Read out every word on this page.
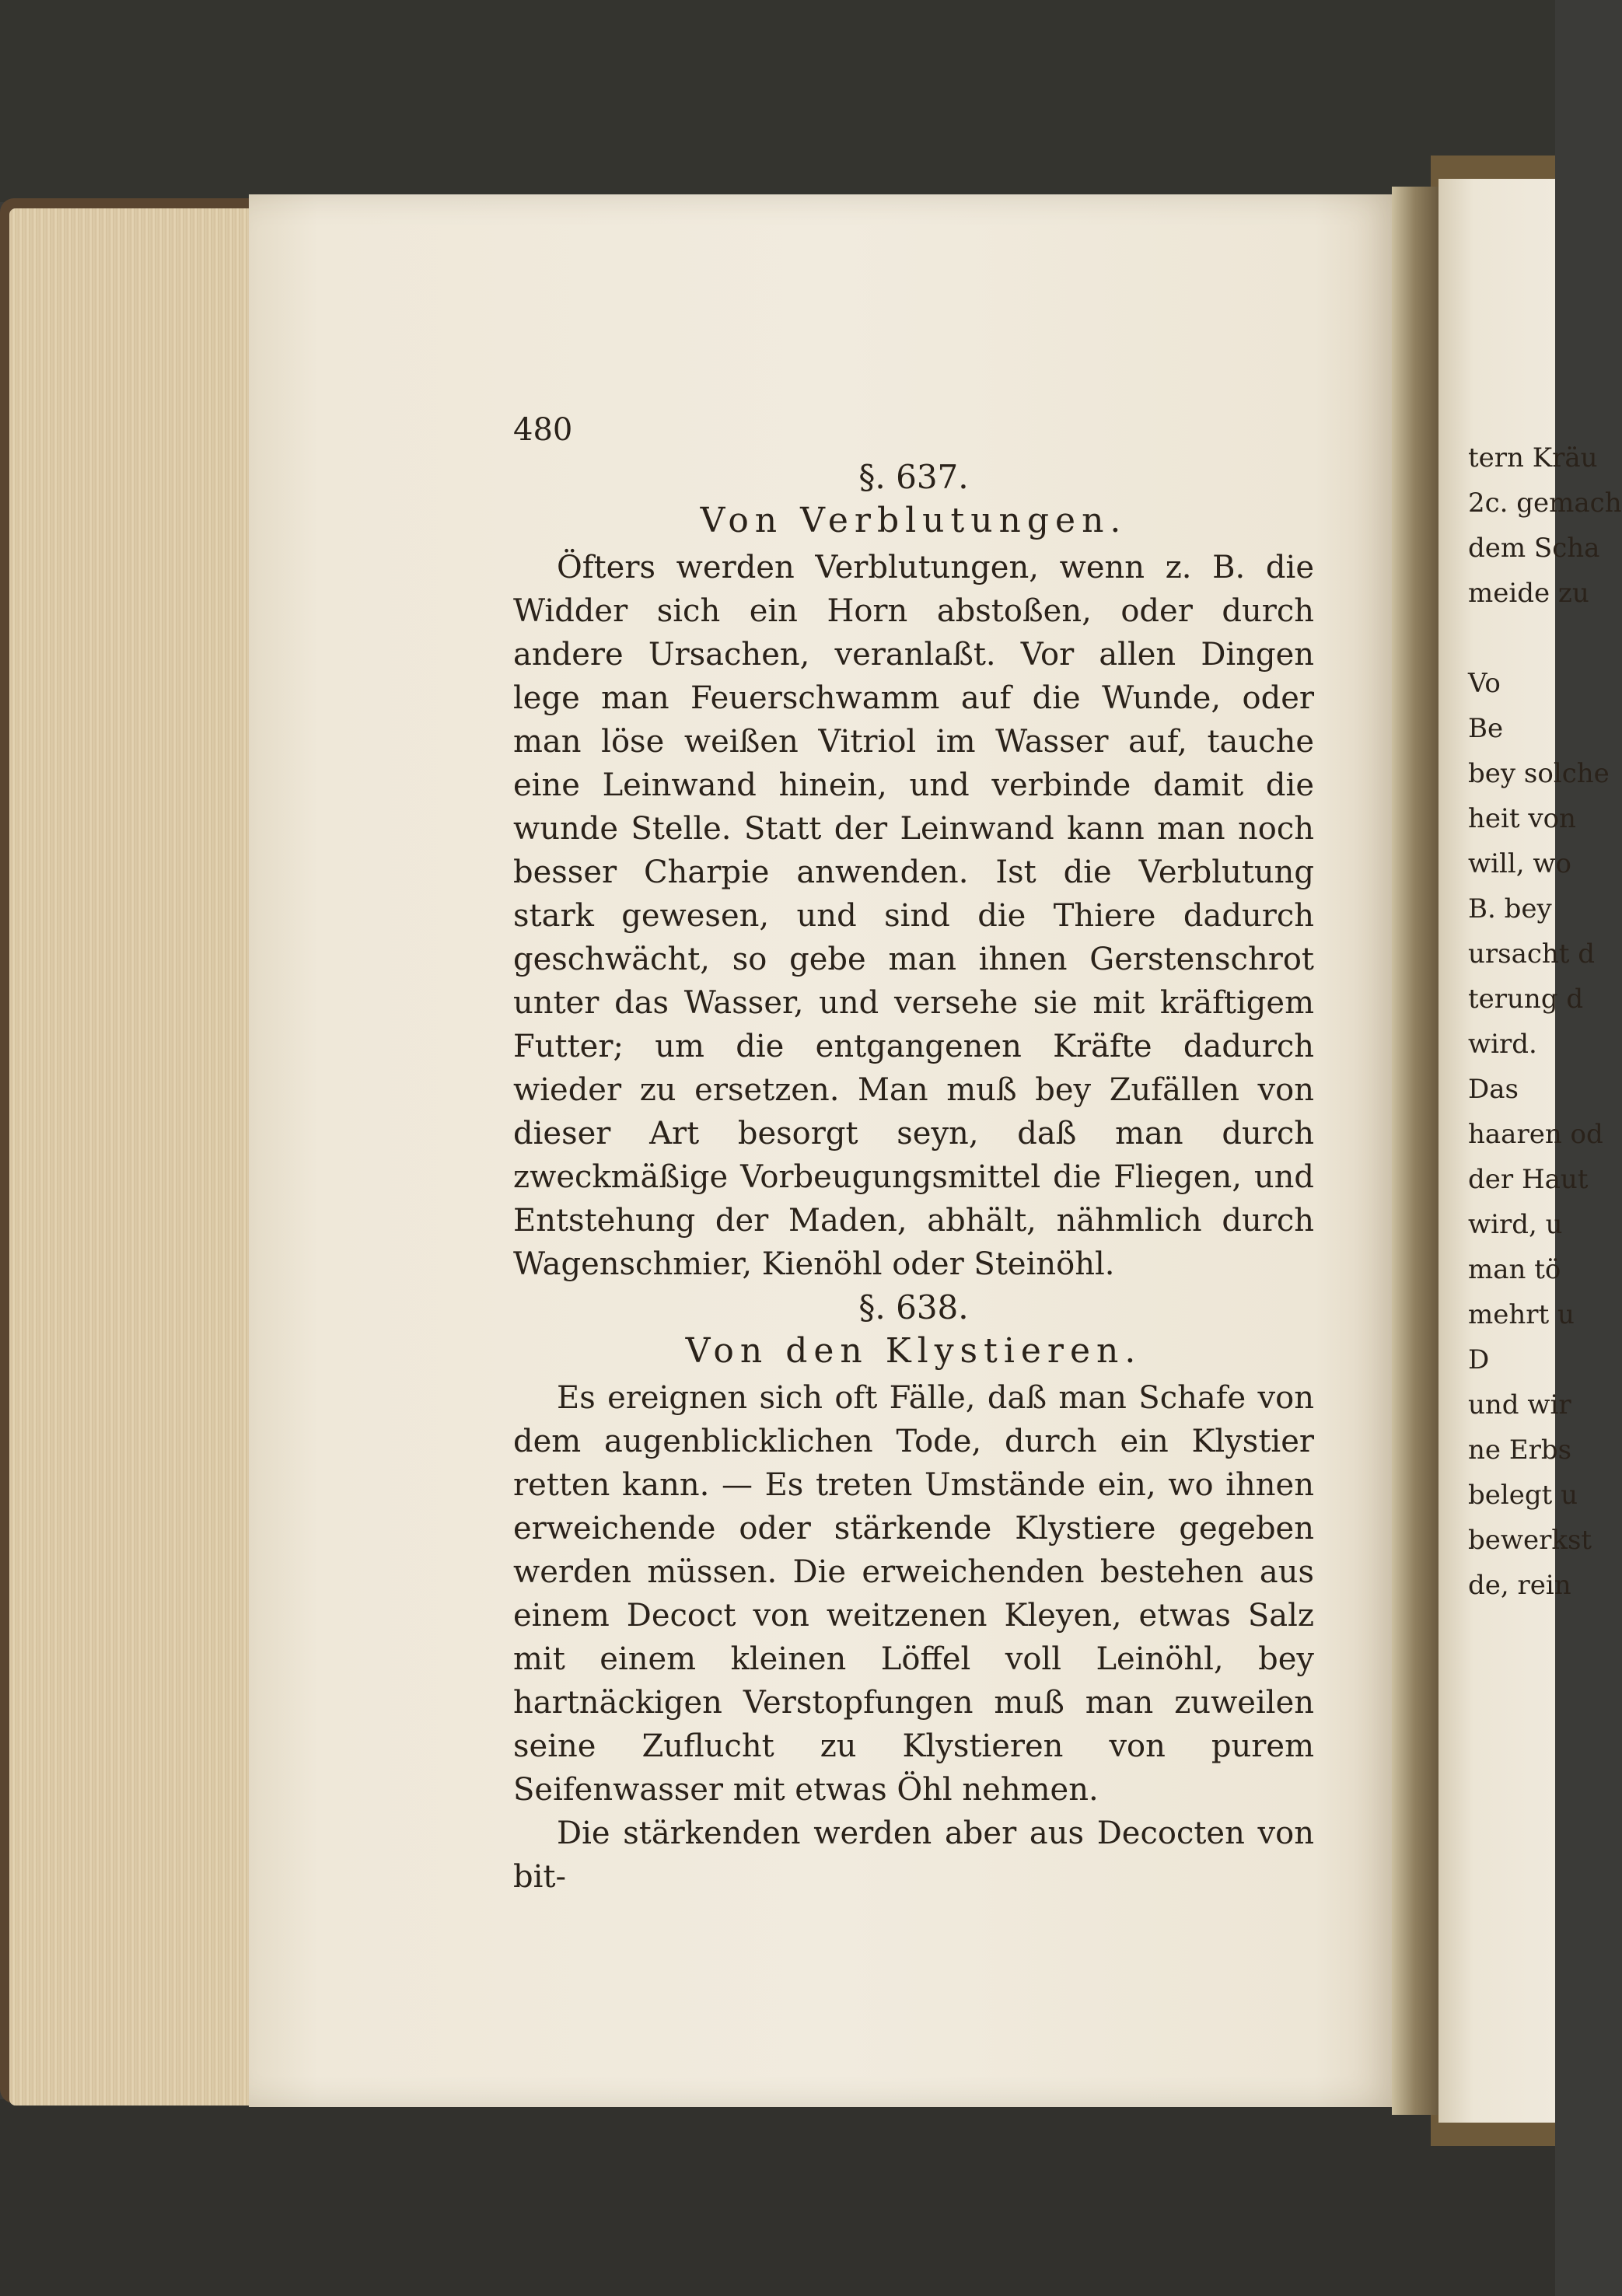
480

§. 637.

Von Verblutungen.

Öfters werden Verblutungen, wenn z. B. die Widder sich ein Horn abstoßen, oder durch andere Ursachen, veranlaßt. Vor allen Dingen lege man Feuerschwamm auf die Wunde, oder man löse weißen Vitriol im Wasser auf, tauche eine Leinwand hinein, und verbinde damit die wunde Stelle. Statt der Leinwand kann man noch besser Charpie anwenden. Ist die Verblutung stark gewesen, und sind die Thiere dadurch geschwächt, so gebe man ihnen Gerstenschrot unter das Wasser, und versehe sie mit kräftigem Futter; um die entgangenen Kräfte dadurch wieder zu ersetzen. Man muß bey Zufällen von dieser Art besorgt seyn, daß man durch zweckmäßige Vorbeugungsmittel die Fliegen, und Entstehung der Maden, abhält, nähmlich durch Wagenschmier, Kienöhl oder Steinöhl.

§. 638.

Von den Klystieren.

Es ereignen sich oft Fälle, daß man Schafe von dem augenblicklichen Tode, durch ein Klystier retten kann. — Es treten Umstände ein, wo ihnen erweichende oder stärkende Klystiere gegeben werden müssen. Die erweichenden bestehen aus einem Decoct von weitzenen Kleyen, etwas Salz mit einem kleinen Löffel voll Leinöhl, bey hartnäckigen Verstopfungen muß man zuweilen seine Zuflucht zu Klystieren von purem Seifenwasser mit etwas Öhl nehmen.

Die stärkenden werden aber aus Decocten von bit-

tern Kräu
2c. gemach
dem Scha
meide zu
Vo
Be
bey solche
heit von
will, wo
B. bey
ursacht d
terung d
wird.
Das
haaren od
der Haut
wird, u
man tö
mehrt u
D
und wir
ne Erbs
belegt u
bewerkst
de, rein
